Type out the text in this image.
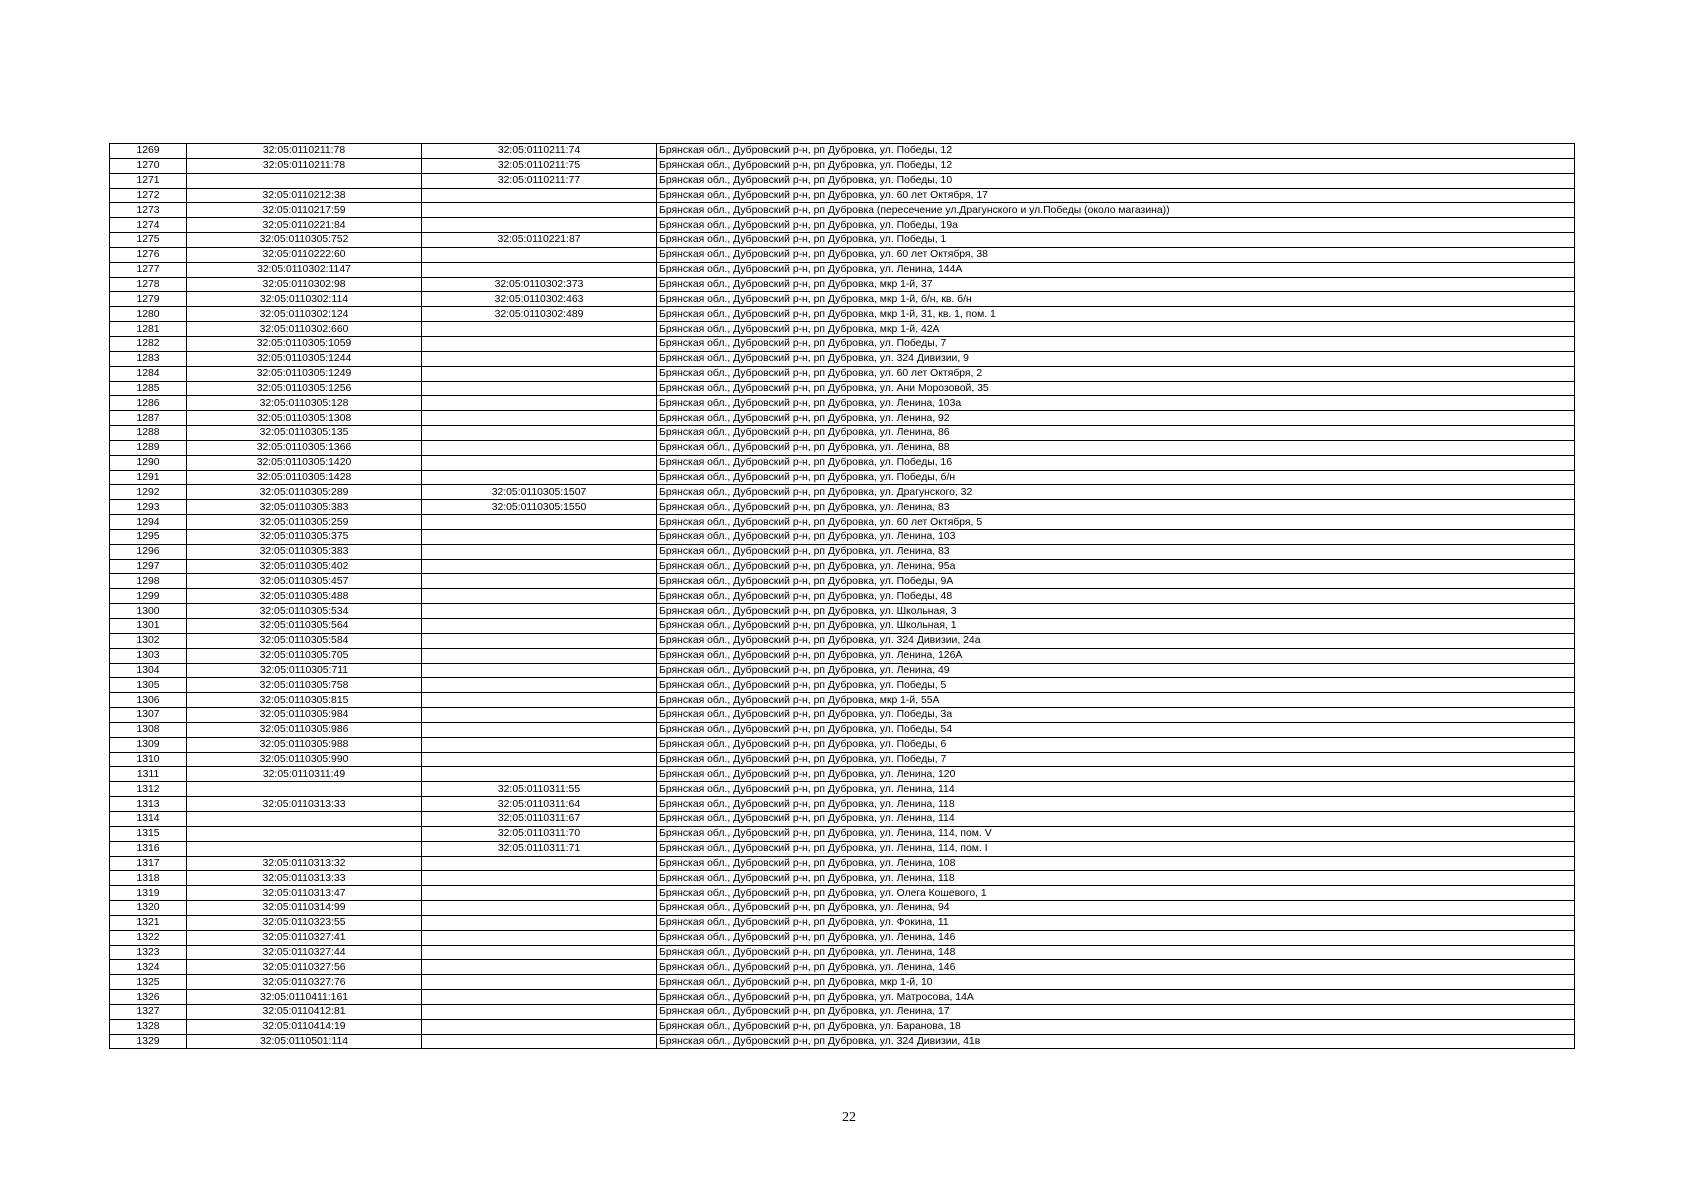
1269	32:05:0110211:78	32:05:0110211:74	Брянская обл., Дубровский р-н, рп Дубровка, ул. Победы, 12
1270	32:05:0110211:78	32:05:0110211:75	Брянская обл., Дубровский р-н, рп Дубровка, ул. Победы, 12
1271		32:05:0110211:77	Брянская обл., Дубровский р-н, рп Дубровка, ул. Победы, 10
1272	32:05:0110212:38		Брянская обл., Дубровский р-н, рп Дубровка, ул. 60 лет Октября, 17
1273	32:05:0110217:59		Брянская обл., Дубровский р-н, рп Дубровка (пересечение ул.Драгунского и ул.Победы (около магазина))
1274	32:05:0110221:84		Брянская обл., Дубровский р-н, рп Дубровка, ул. Победы, 19а
1275	32:05:0110305:752	32:05:0110221:87	Брянская обл., Дубровский р-н, рп Дубровка, ул. Победы, 1
1276	32:05:0110222:60		Брянская обл., Дубровский р-н, рп Дубровка, ул. 60 лет Октября, 38
1277	32:05:0110302:1147		Брянская обл., Дубровский р-н, рп Дубровка, ул. Ленина, 144А
1278	32:05:0110302:98	32:05:0110302:373	Брянская обл., Дубровский р-н, рп Дубровка, мкр 1-й, 37
1279	32:05:0110302:114	32:05:0110302:463	Брянская обл., Дубровский р-н, рп Дубровка, мкр 1-й, б/н, кв. б/н
1280	32:05:0110302:124	32:05:0110302:489	Брянская обл., Дубровский р-н, рп Дубровка, мкр 1-й, 31, кв. 1, пом. 1
1281	32:05:0110302:660		Брянская обл., Дубровский р-н, рп Дубровка, мкр 1-й, 42А
1282	32:05:0110305:1059		Брянская обл., Дубровский р-н, рп Дубровка, ул. Победы, 7
1283	32:05:0110305:1244		Брянская обл., Дубровский р-н, рп Дубровка, ул. 324 Дивизии, 9
1284	32:05:0110305:1249		Брянская обл., Дубровский р-н, рп Дубровка, ул. 60 лет Октября, 2
1285	32:05:0110305:1256		Брянская обл., Дубровский р-н, рп Дубровка, ул. Ани Морозовой, 35
1286	32:05:0110305:128		Брянская обл., Дубровский р-н, рп Дубровка, ул. Ленина, 103а
1287	32:05:0110305:1308		Брянская обл., Дубровский р-н, рп Дубровка, ул. Ленина, 92
1288	32:05:0110305:135		Брянская обл., Дубровский р-н, рп Дубровка, ул. Ленина, 86
1289	32:05:0110305:1366		Брянская обл., Дубровский р-н, рп Дубровка, ул. Ленина, 88
1290	32:05:0110305:1420		Брянская обл., Дубровский р-н, рп Дубровка, ул. Победы, 16
1291	32:05:0110305:1428		Брянская обл., Дубровский р-н, рп Дубровка, ул. Победы, б/н
1292	32:05:0110305:289	32:05:0110305:1507	Брянская обл., Дубровский р-н, рп Дубровка, ул. Драгунского, 32
1293	32:05:0110305:383	32:05:0110305:1550	Брянская обл., Дубровский р-н, рп Дубровка, ул. Ленина, 83
1294	32:05:0110305:259		Брянская обл., Дубровский р-н, рп Дубровка, ул. 60 лет Октября, 5
1295	32:05:0110305:375		Брянская обл., Дубровский р-н, рп Дубровка, ул. Ленина, 103
1296	32:05:0110305:383		Брянская обл., Дубровский р-н, рп Дубровка, ул. Ленина, 83
1297	32:05:0110305:402		Брянская обл., Дубровский р-н, рп Дубровка, ул. Ленина, 95а
1298	32:05:0110305:457		Брянская обл., Дубровский р-н, рп Дубровка, ул. Победы, 9А
1299	32:05:0110305:488		Брянская обл., Дубровский р-н, рп Дубровка, ул. Победы, 48
1300	32:05:0110305:534		Брянская обл., Дубровский р-н, рп Дубровка, ул. Школьная, 3
1301	32:05:0110305:564		Брянская обл., Дубровский р-н, рп Дубровка, ул. Школьная, 1
1302	32:05:0110305:584		Брянская обл., Дубровский р-н, рп Дубровка, ул. 324 Дивизии, 24а
1303	32:05:0110305:705		Брянская обл., Дубровский р-н, рп Дубровка, ул. Ленина, 126А
1304	32:05:0110305:711		Брянская обл., Дубровский р-н, рп Дубровка, ул. Ленина, 49
1305	32:05:0110305:758		Брянская обл., Дубровский р-н, рп Дубровка, ул. Победы, 5
1306	32:05:0110305:815		Брянская обл., Дубровский р-н, рп Дубровка, мкр 1-й, 55А
1307	32:05:0110305:984		Брянская обл., Дубровский р-н, рп Дубровка, ул. Победы, 3а
1308	32:05:0110305:986		Брянская обл., Дубровский р-н, рп Дубровка, ул. Победы, 54
1309	32:05:0110305:988		Брянская обл., Дубровский р-н, рп Дубровка, ул. Победы, 6
1310	32:05:0110305:990		Брянская обл., Дубровский р-н, рп Дубровка, ул. Победы, 7
1311	32:05:0110311:49		Брянская обл., Дубровский р-н, рп Дубровка, ул. Ленина, 120
1312		32:05:0110311:55	Брянская обл., Дубровский р-н, рп Дубровка, ул. Ленина, 114
1313	32:05:0110313:33	32:05:0110311:64	Брянская обл., Дубровский р-н, рп Дубровка, ул. Ленина, 118
1314		32:05:0110311:67	Брянская обл., Дубровский р-н, рп Дубровка, ул. Ленина, 114
1315		32:05:0110311:70	Брянская обл., Дубровский р-н, рп Дубровка, ул. Ленина, 114, пом. V
1316		32:05:0110311:71	Брянская обл., Дубровский р-н, рп Дубровка, ул. Ленина, 114, пом. I
1317	32:05:0110313:32		Брянская обл., Дубровский р-н, рп Дубровка, ул. Ленина, 108
1318	32:05:0110313:33		Брянская обл., Дубровский р-н, рп Дубровка, ул. Ленина, 118
1319	32:05:0110313:47		Брянская обл., Дубровский р-н, рп Дубровка, ул. Олега Кошевого, 1
1320	32:05:0110314:99		Брянская обл., Дубровский р-н, рп Дубровка, ул. Ленина, 94
1321	32:05:0110323:55		Брянская обл., Дубровский р-н, рп Дубровка, ул. Фокина, 11
1322	32:05:0110327:41		Брянская обл., Дубровский р-н, рп Дубровка, ул. Ленина, 146
1323	32:05:0110327:44		Брянская обл., Дубровский р-н, рп Дубровка, ул. Ленина, 148
1324	32:05:0110327:56		Брянская обл., Дубровский р-н, рп Дубровка, ул. Ленина, 146
1325	32:05:0110327:76		Брянская обл., Дубровский р-н, рп Дубровка, мкр 1-й, 10
1326	32:05:0110411:161		Брянская обл., Дубровский р-н, рп Дубровка, ул. Матросова, 14А
1327	32:05:0110412:81		Брянская обл., Дубровский р-н, рп Дубровка, ул. Ленина, 17
1328	32:05:0110414:19		Брянская обл., Дубровский р-н, рп Дубровка, ул. Баранова, 18
1329	32:05:0110501:114		Брянская обл., Дубровский р-н, рп Дубровка, ул. 324 Дивизии, 41в
22
